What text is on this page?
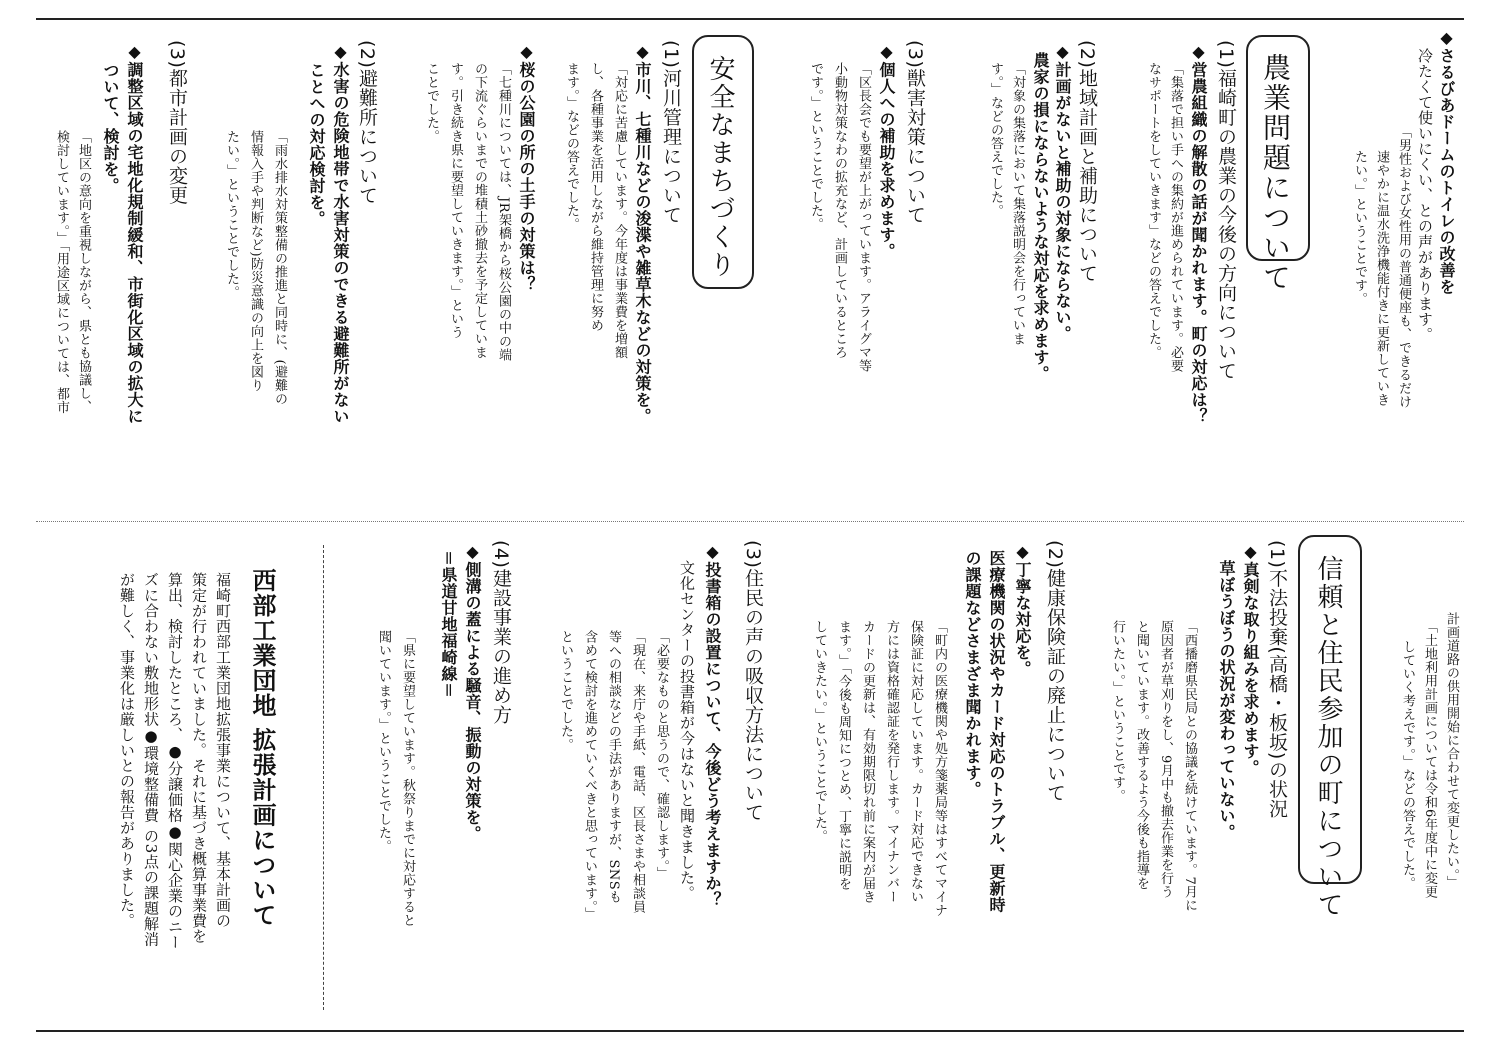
◆さるびあドームのトイレの改善を
冷たくて使いにくい、との声があります。
「男性および女性用の普通便座も、できるだけ
速やかに温水洗浄機能付きに更新していき
たい。」ということです。
農業問題について
(1)福崎町の農業の今後の方向について
◆営農組織の解散の話が聞かれます。町の対応は？
「集落で担い手への集約が進められています。必要
なサポートをしていきます」などの答えでした。
(2)地域計画と補助について
◆計画がないと補助の対象にならない。
農家の損にならないような対応を求めます。
「対象の集落において集落説明会を行っていま
す。」などの答えでした。
(3)獣害対策について
◆個人への補助を求めます。
「区長会でも要望が上がっています。アライグマ等
小動物対策なわの拡充など、計画しているところ
です。」ということでした。
安全なまちづくり
(1)河川管理について
◆市川、七種川などの浚渫や雑草木などの対策を。
「対応に苦慮しています。今年度は事業費を増額
し、各種事業を活用しながら維持管理に努め
ます。」などの答えでした。
◆桜の公園の所の土手の対策は？
「七種川については、JR架橋から桜公園の中の端
の下流ぐらいまでの堆積土砂撤去を予定していま
す。引き続き県に要望していきます。」という
ことでした。
(2)避難所について
◆水害の危険地帯で水害対策のできる避難所がない
ことへの対応検討を。
「雨水排水対策整備の推進と同時に、(避難の
情報入手や判断など)防災意識の向上を図り
たい。」ということでした。
(3)都市計画の変更
◆調整区域の宅地化規制緩和、市街化区域の拡大に
ついて、検討を。
「地区の意向を重視しながら、県とも協議し、
検討しています。」「用途区域については、都市
計画道路の供用開始に合わせて変更したい。」
「土地利用計画については令和6年度中に変更
していく考えです。」などの答えでした。
信頼と住民参加の町について
(1)不法投棄(高橋・板坂)の状況
◆真剣な取り組みを求めます。
草ぼうぼうの状況が変わっていない。
「西播磨県民局との協議を続けています。7月に
原因者が草刈りをし、9月中も撤去作業を行う
と聞いています。改善するよう今後も指導を
行いたい。」ということです。
(2)健康保険証の廃止について
◆丁寧な対応を。
医療機関の状況やカード対応のトラブル、更新時
の課題などさまざま聞かれます。
「町内の医療機関や処方箋薬局等はすべてマイナ
保険証に対応しています。カード対応できない
方には資格確認証を発行します。マイナンバー
カードの更新は、有効期限切れ前に案内が届き
ます。」「今後も周知につとめ、丁寧に説明を
していきたい。」ということでした。
(3)住民の声の吸収方法について
◆投書箱の設置について、今後どう考えますか？
文化センターの投書箱が今はないと聞きました。
「必要なものと思うので、確認します。」
「現在、来庁や手紙、電話、区長さまや相談員
等への相談などの手法がありますが、SNSも
含めて検討を進めていくべきと思っています。」
ということでした。
(4)建設事業の進め方
◆側溝の蓋による騒音、振動の対策を。
＝県道甘地福崎線＝
「県に要望しています。秋祭りまでに対応すると
聞いています。」ということでした。
西部工業団地 拡張計画について
福崎町西部工業団地拡張事業について、基本計画の
策定が行われていました。それに基づき概算事業費を
算出、検討したところ、●分譲価格●関心企業のニー
ズに合わない敷地形状●環境整備費 の3点の課題解消
が難しく、事業化は厳しいとの報告がありました。
